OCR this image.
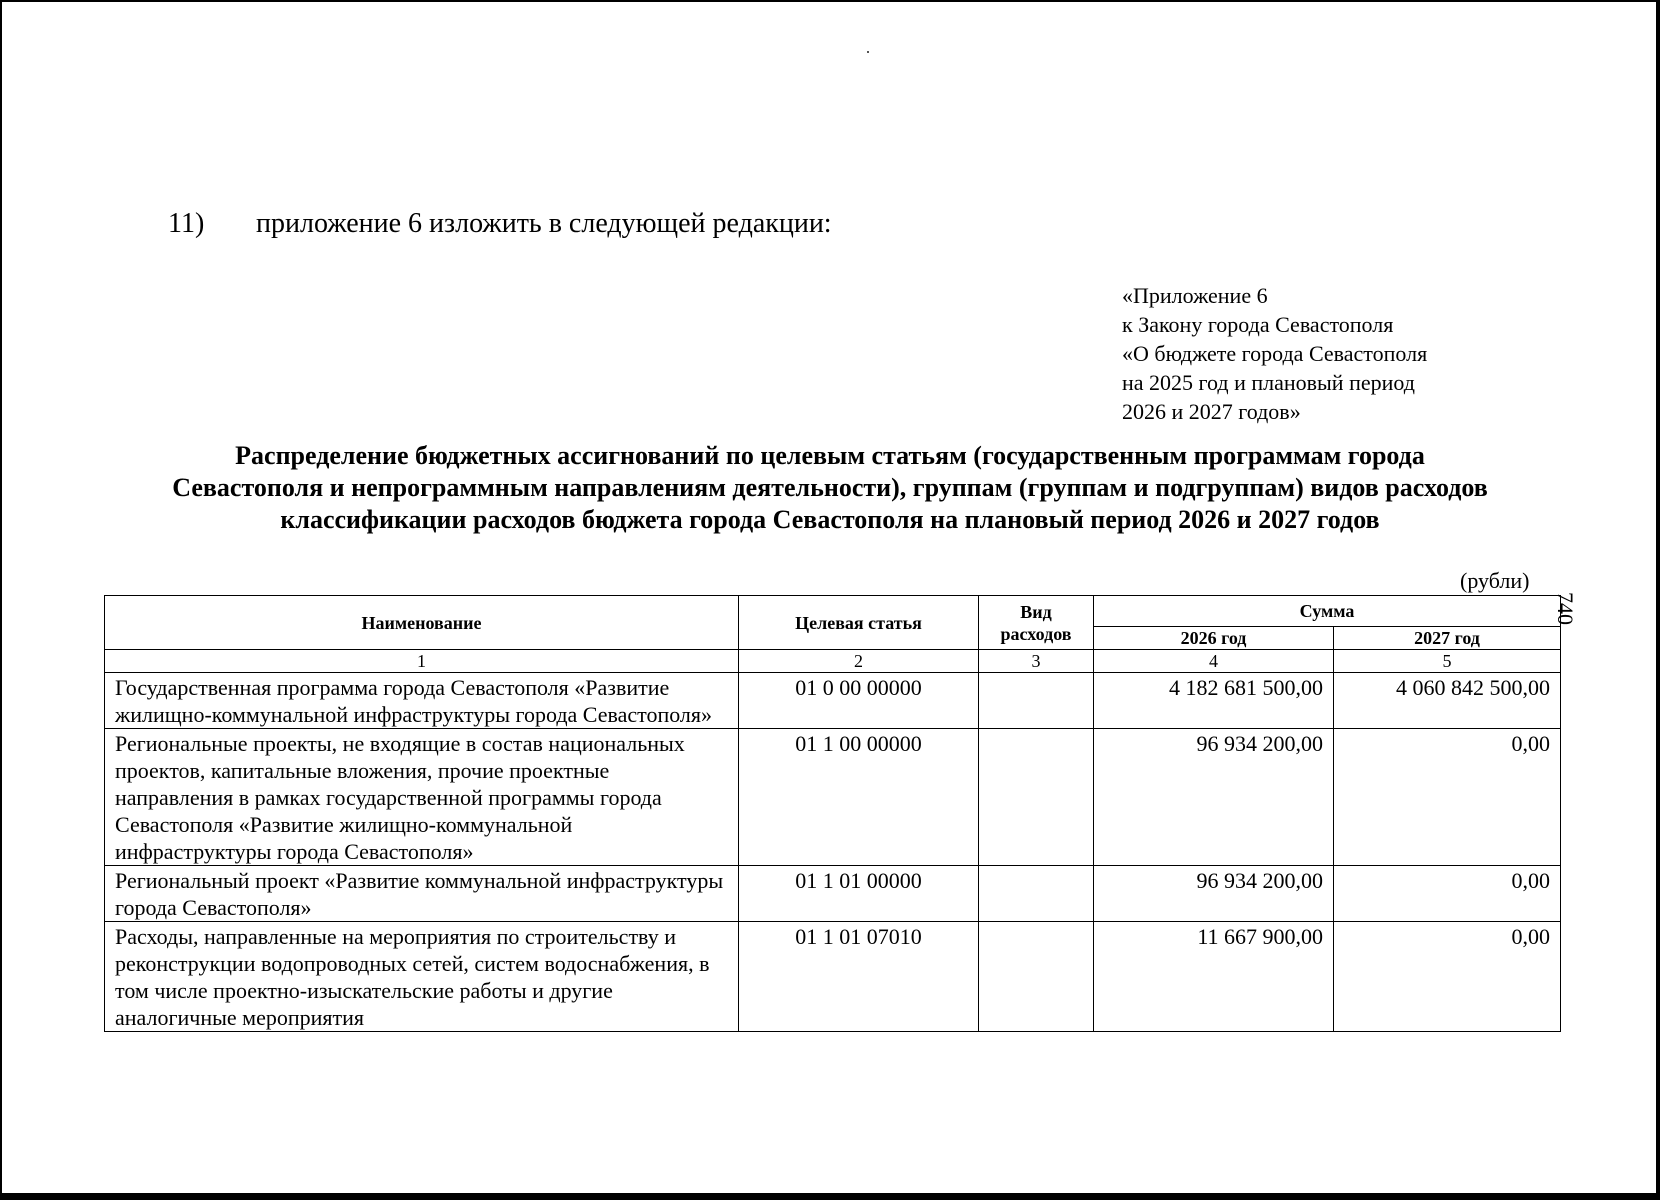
11) приложение 6 изложить в следующей редакции:
«Приложение 6
к Закону города Севастополя
«О бюджете города Севастополя
на 2025 год и плановый период
2026 и 2027 годов»
Распределение бюджетных ассигнований по целевым статьям (государственным программам города
Севастополя и непрограммным направлениям деятельности), группам (группам и подгруппам) видов расходов
классификации расходов бюджета города Севастополя на плановый период 2026 и 2027 годов
(рубли)
740
Наименование	Целевая статья	Вид расходов	Сумма	
			2026 год	2027 год
1	2	3	4	5
Государственная программа города Севастополя «Развитие жилищно-коммунальной инфраструктуры города Севастополя»	01 0 00 00000		4 182 681 500,00	4 060 842 500,00
Региональные проекты, не входящие в состав национальных проектов, капитальные вложения, прочие проектные направления в рамках государственной программы города Севастополя «Развитие жилищно-коммунальной инфраструктуры города Севастополя»	01 1 00 00000		96 934 200,00	0,00
Региональный проект «Развитие коммунальной инфраструктуры города Севастополя»	01 1 01 00000		96 934 200,00	0,00
Расходы, направленные на мероприятия по строительству и реконструкции водопроводных сетей, систем водоснабжения, в том числе проектно-изыскательские работы и другие аналогичные мероприятия	01 1 01 07010		11 667 900,00	0,00
